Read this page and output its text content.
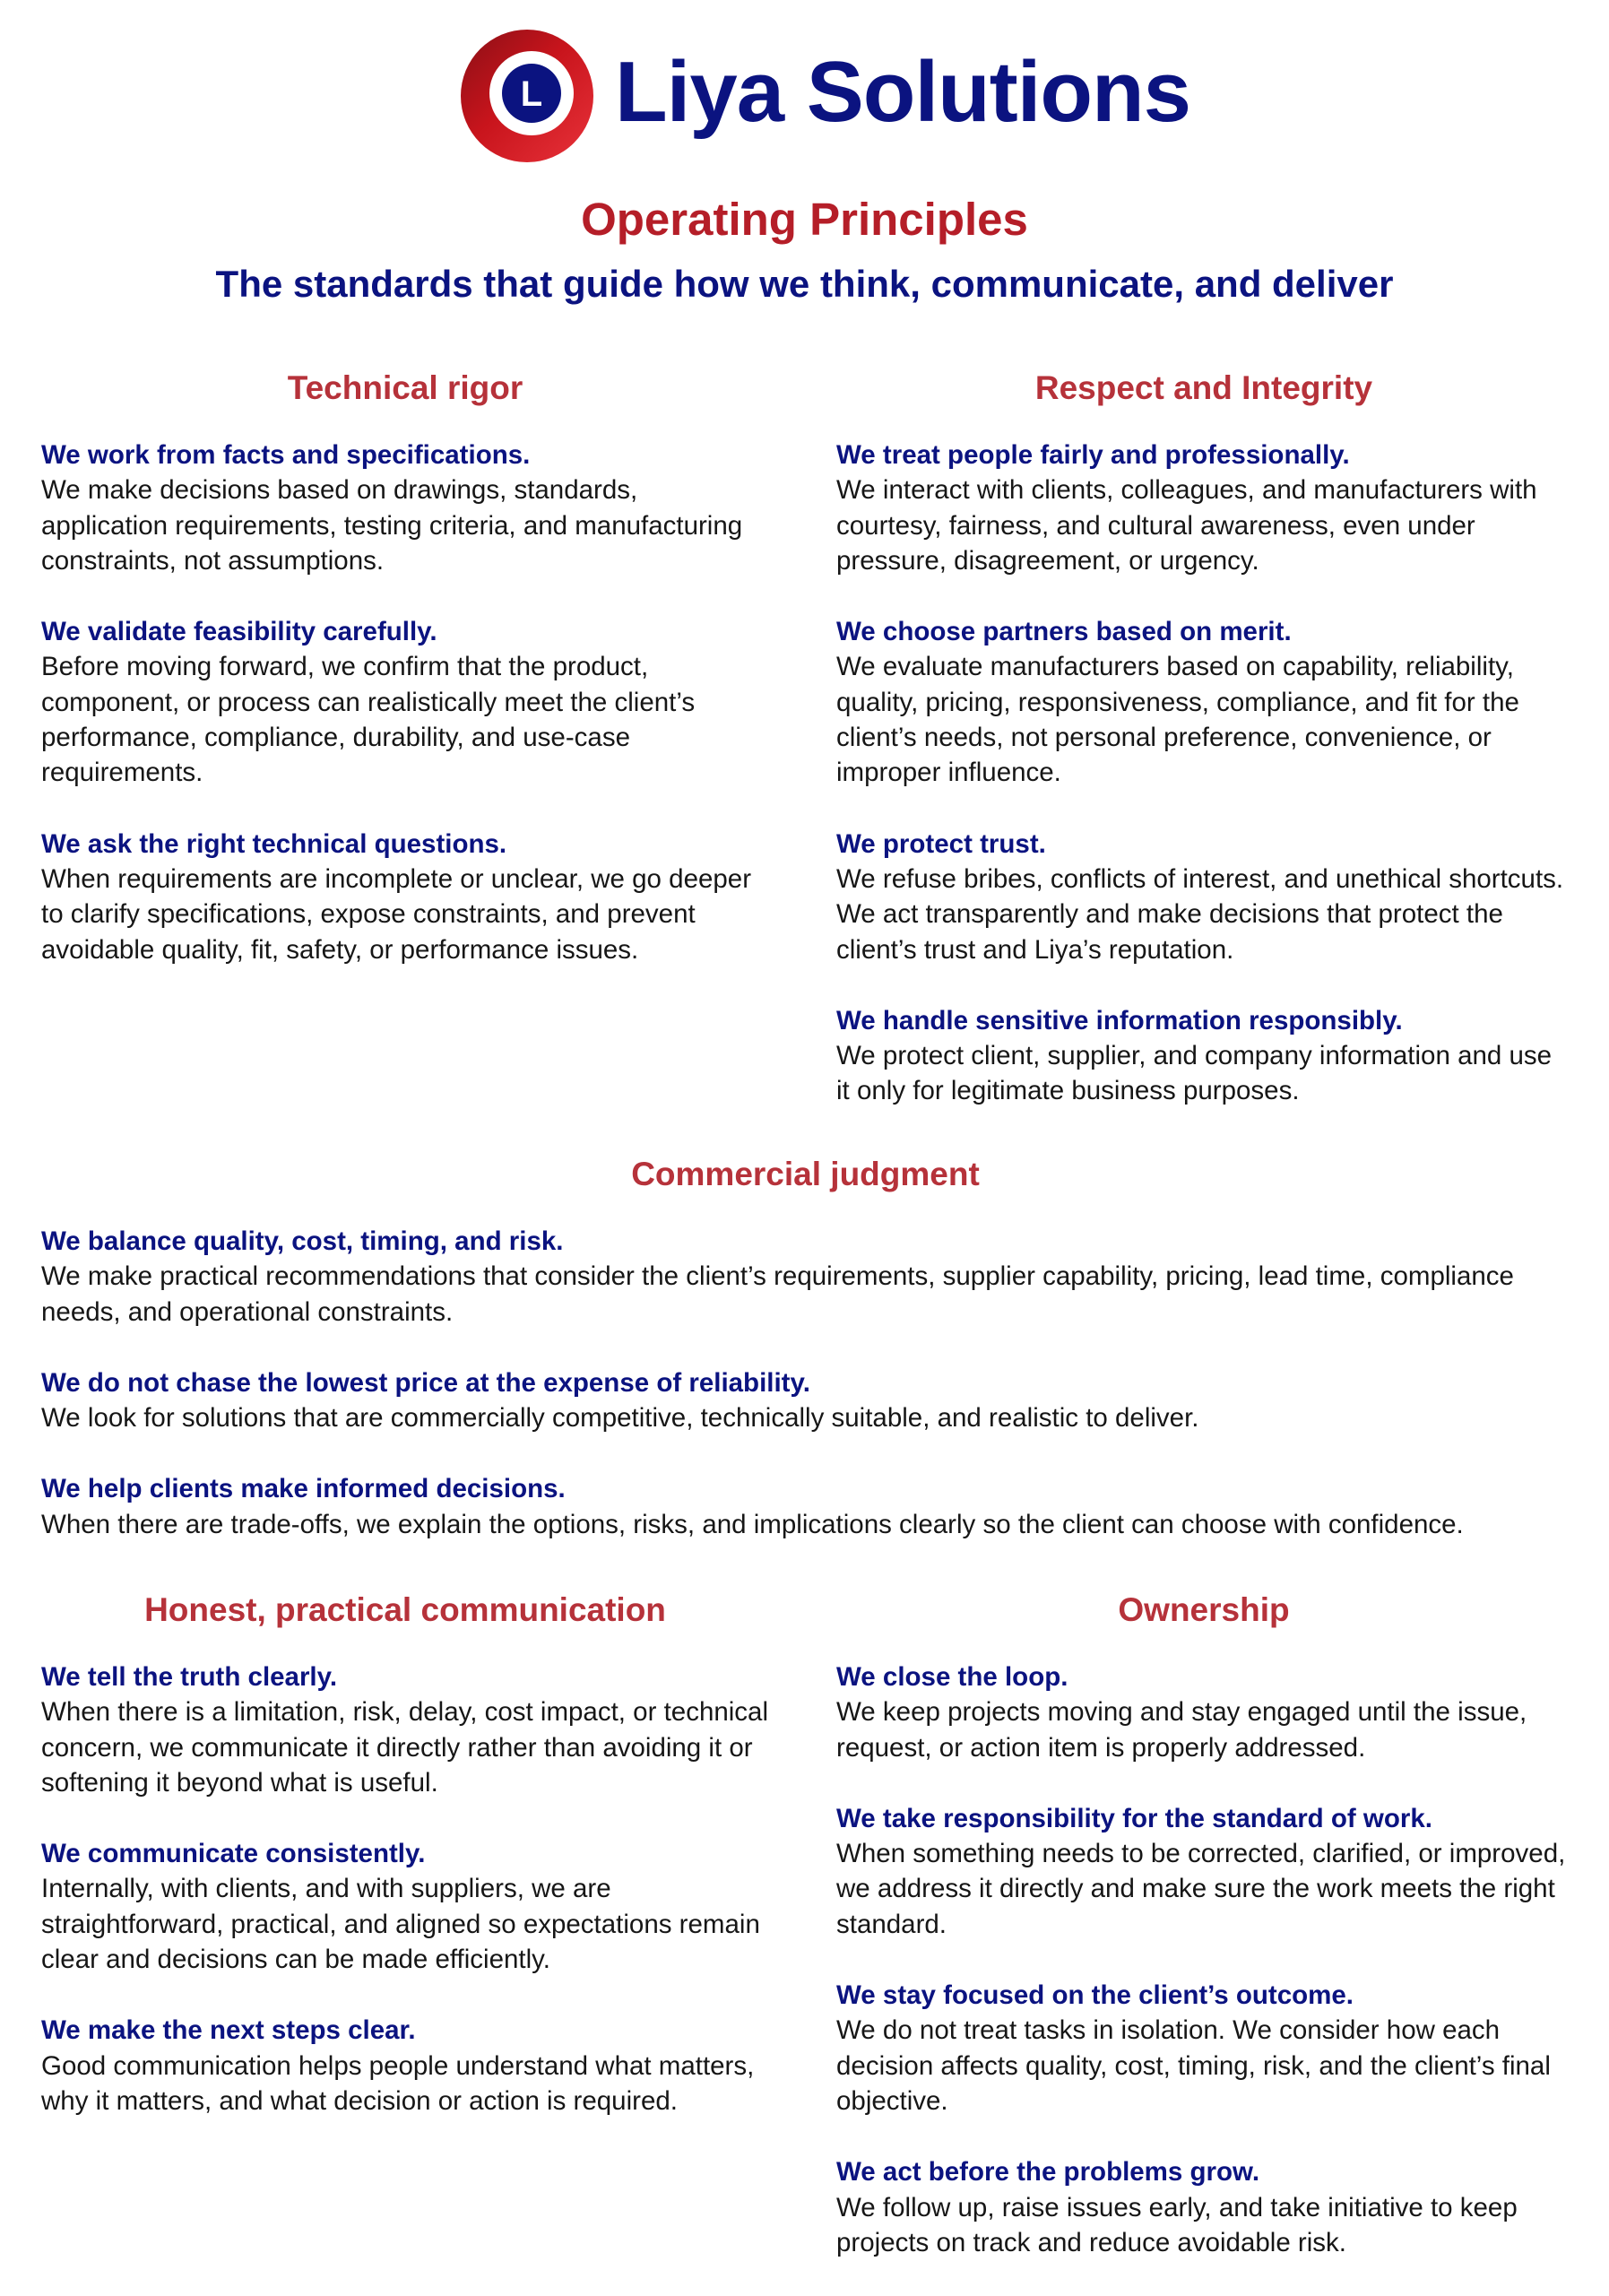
L Liya Solutions
Operating Principles
The standards that guide how we think, communicate, and deliver
Technical rigor
We work from facts and specifications.
We make decisions based on drawings, standards, application requirements, testing criteria, and manufacturing constraints, not assumptions.
We validate feasibility carefully.
Before moving forward, we confirm that the product, component, or process can realistically meet the client’s performance, compliance, durability, and use-case requirements.
We ask the right technical questions.
When requirements are incomplete or unclear, we go deeper to clarify specifications, expose constraints, and prevent avoidable quality, fit, safety, or performance issues.
Respect and Integrity
We treat people fairly and professionally.
We interact with clients, colleagues, and manufacturers with courtesy, fairness, and cultural awareness, even under pressure, disagreement, or urgency.
We choose partners based on merit.
We evaluate manufacturers based on capability, reliability, quality, pricing, responsiveness, compliance, and fit for the client’s needs, not personal preference, convenience, or improper influence.
We protect trust.
We refuse bribes, conflicts of interest, and unethical shortcuts. We act transparently and make decisions that protect the client’s trust and Liya’s reputation.
We handle sensitive information responsibly.
We protect client, supplier, and company information and use it only for legitimate business purposes.
Commercial judgment
We balance quality, cost, timing, and risk.
We make practical recommendations that consider the client’s requirements, supplier capability, pricing, lead time, compliance needs, and operational constraints.
We do not chase the lowest price at the expense of reliability.
We look for solutions that are commercially competitive, technically suitable, and realistic to deliver.
We help clients make informed decisions.
When there are trade-offs, we explain the options, risks, and implications clearly so the client can choose with confidence.
Honest, practical communication
We tell the truth clearly.
When there is a limitation, risk, delay, cost impact, or technical concern, we communicate it directly rather than avoiding it or softening it beyond what is useful.
We communicate consistently.
Internally, with clients, and with suppliers, we are straightforward, practical, and aligned so expectations remain clear and decisions can be made efficiently.
We make the next steps clear.
Good communication helps people understand what matters, why it matters, and what decision or action is required.
Ownership
We close the loop.
We keep projects moving and stay engaged until the issue, request, or action item is properly addressed.
We take responsibility for the standard of work.
When something needs to be corrected, clarified, or improved, we address it directly and make sure the work meets the right standard.
We stay focused on the client’s outcome.
We do not treat tasks in isolation. We consider how each decision affects quality, cost, timing, risk, and the client’s final objective.
We act before the problems grow.
We follow up, raise issues early, and take initiative to keep projects on track and reduce avoidable risk.
